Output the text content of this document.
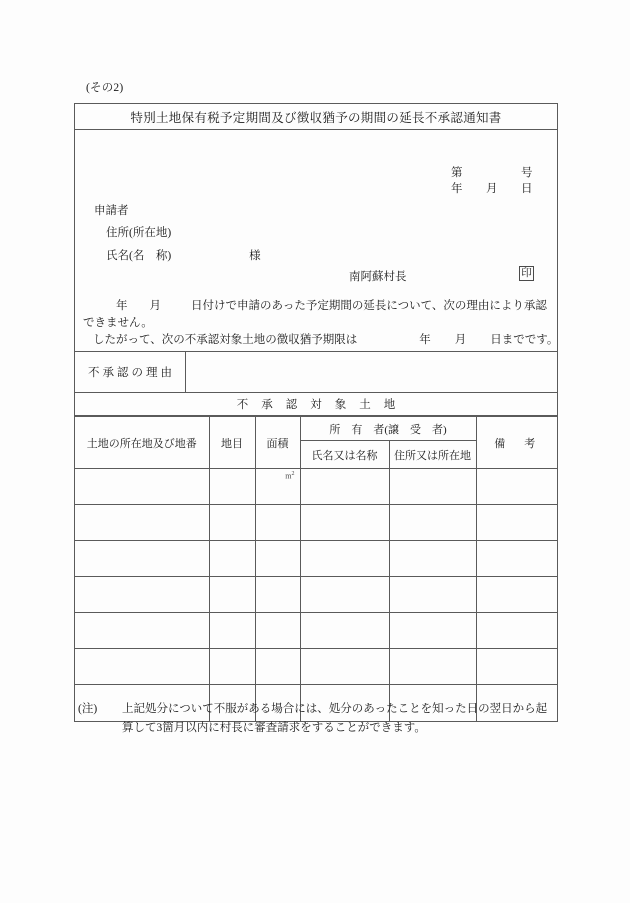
(その2)
特別土地保有税予定期間及び徴収猶予の期間の延長不承認通知書
第	号
年 月 日
申請者
住所(所在地)
氏名(名　称)	様
南阿蘇村長	印
年 月	日付けで申請のあった予定期間の延長について、次の理由により承認できません。
したがって、次の不承認対象土地の徴収猶予期限は	年 月 日までです。
不承認の理由
不承認対象土地
土地の所在地及び地番	地目	面積	所　有　者(譲　受　者)		備　考
			氏名又は名称	住所又は所在地	

		$m^2$

(注) 上記処分について不服がある場合には、処分のあったことを知った日の翌日から起
算して3箇月以内に村長に審査請求をすることができます。
